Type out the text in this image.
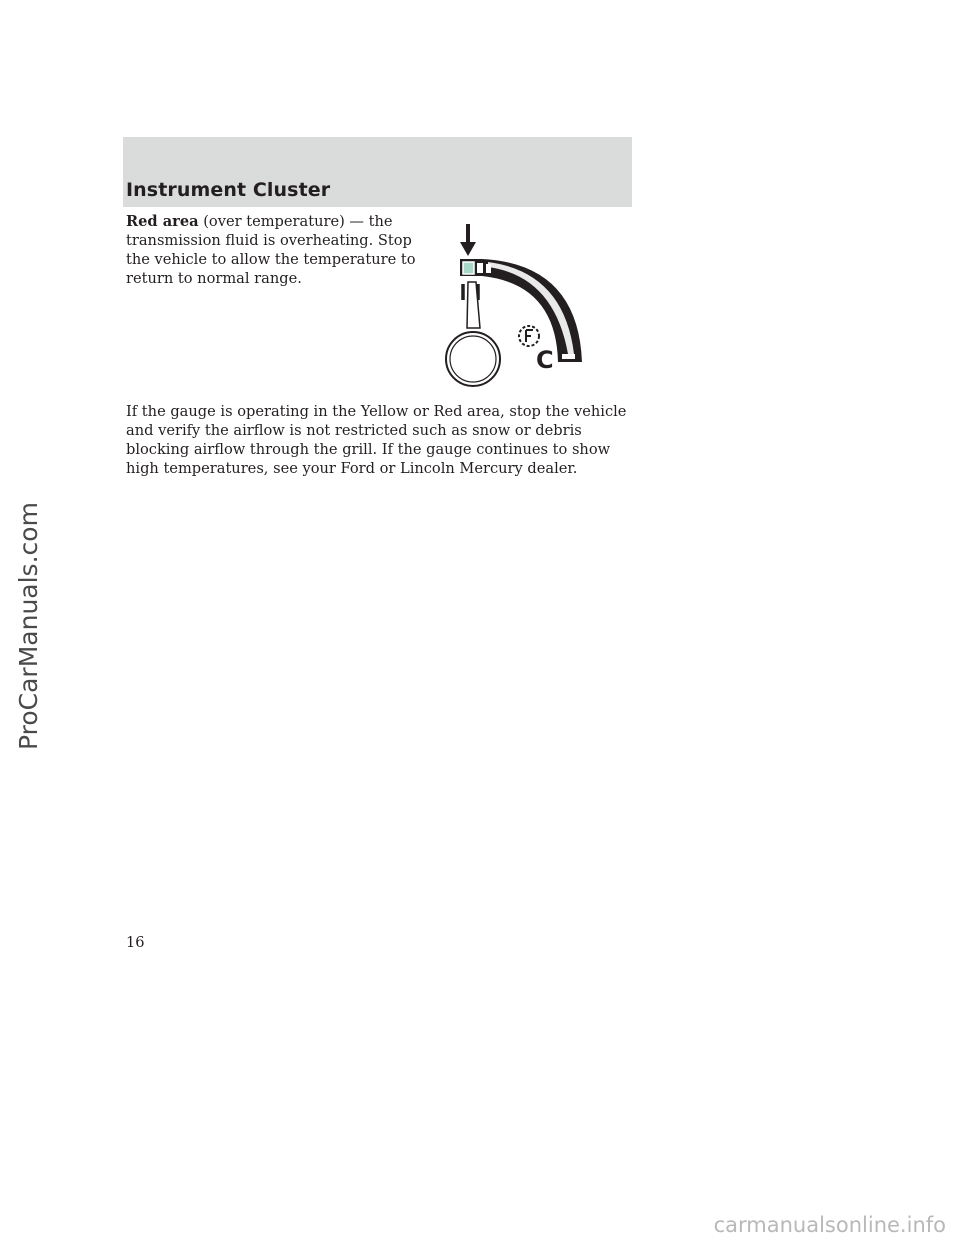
Instrument Cluster
Red area (over temperature) — the transmission fluid is overheating. Stop the vehicle to allow the temperature to return to normal range.
C
If the gauge is operating in the Yellow or Red area, stop the vehicle and verify the airflow is not restricted such as snow or debris blocking airflow through the grill. If the gauge continues to show high temperatures, see your Ford or Lincoln Mercury dealer.
16
ProCarManuals.com
carmanualsonline.info
